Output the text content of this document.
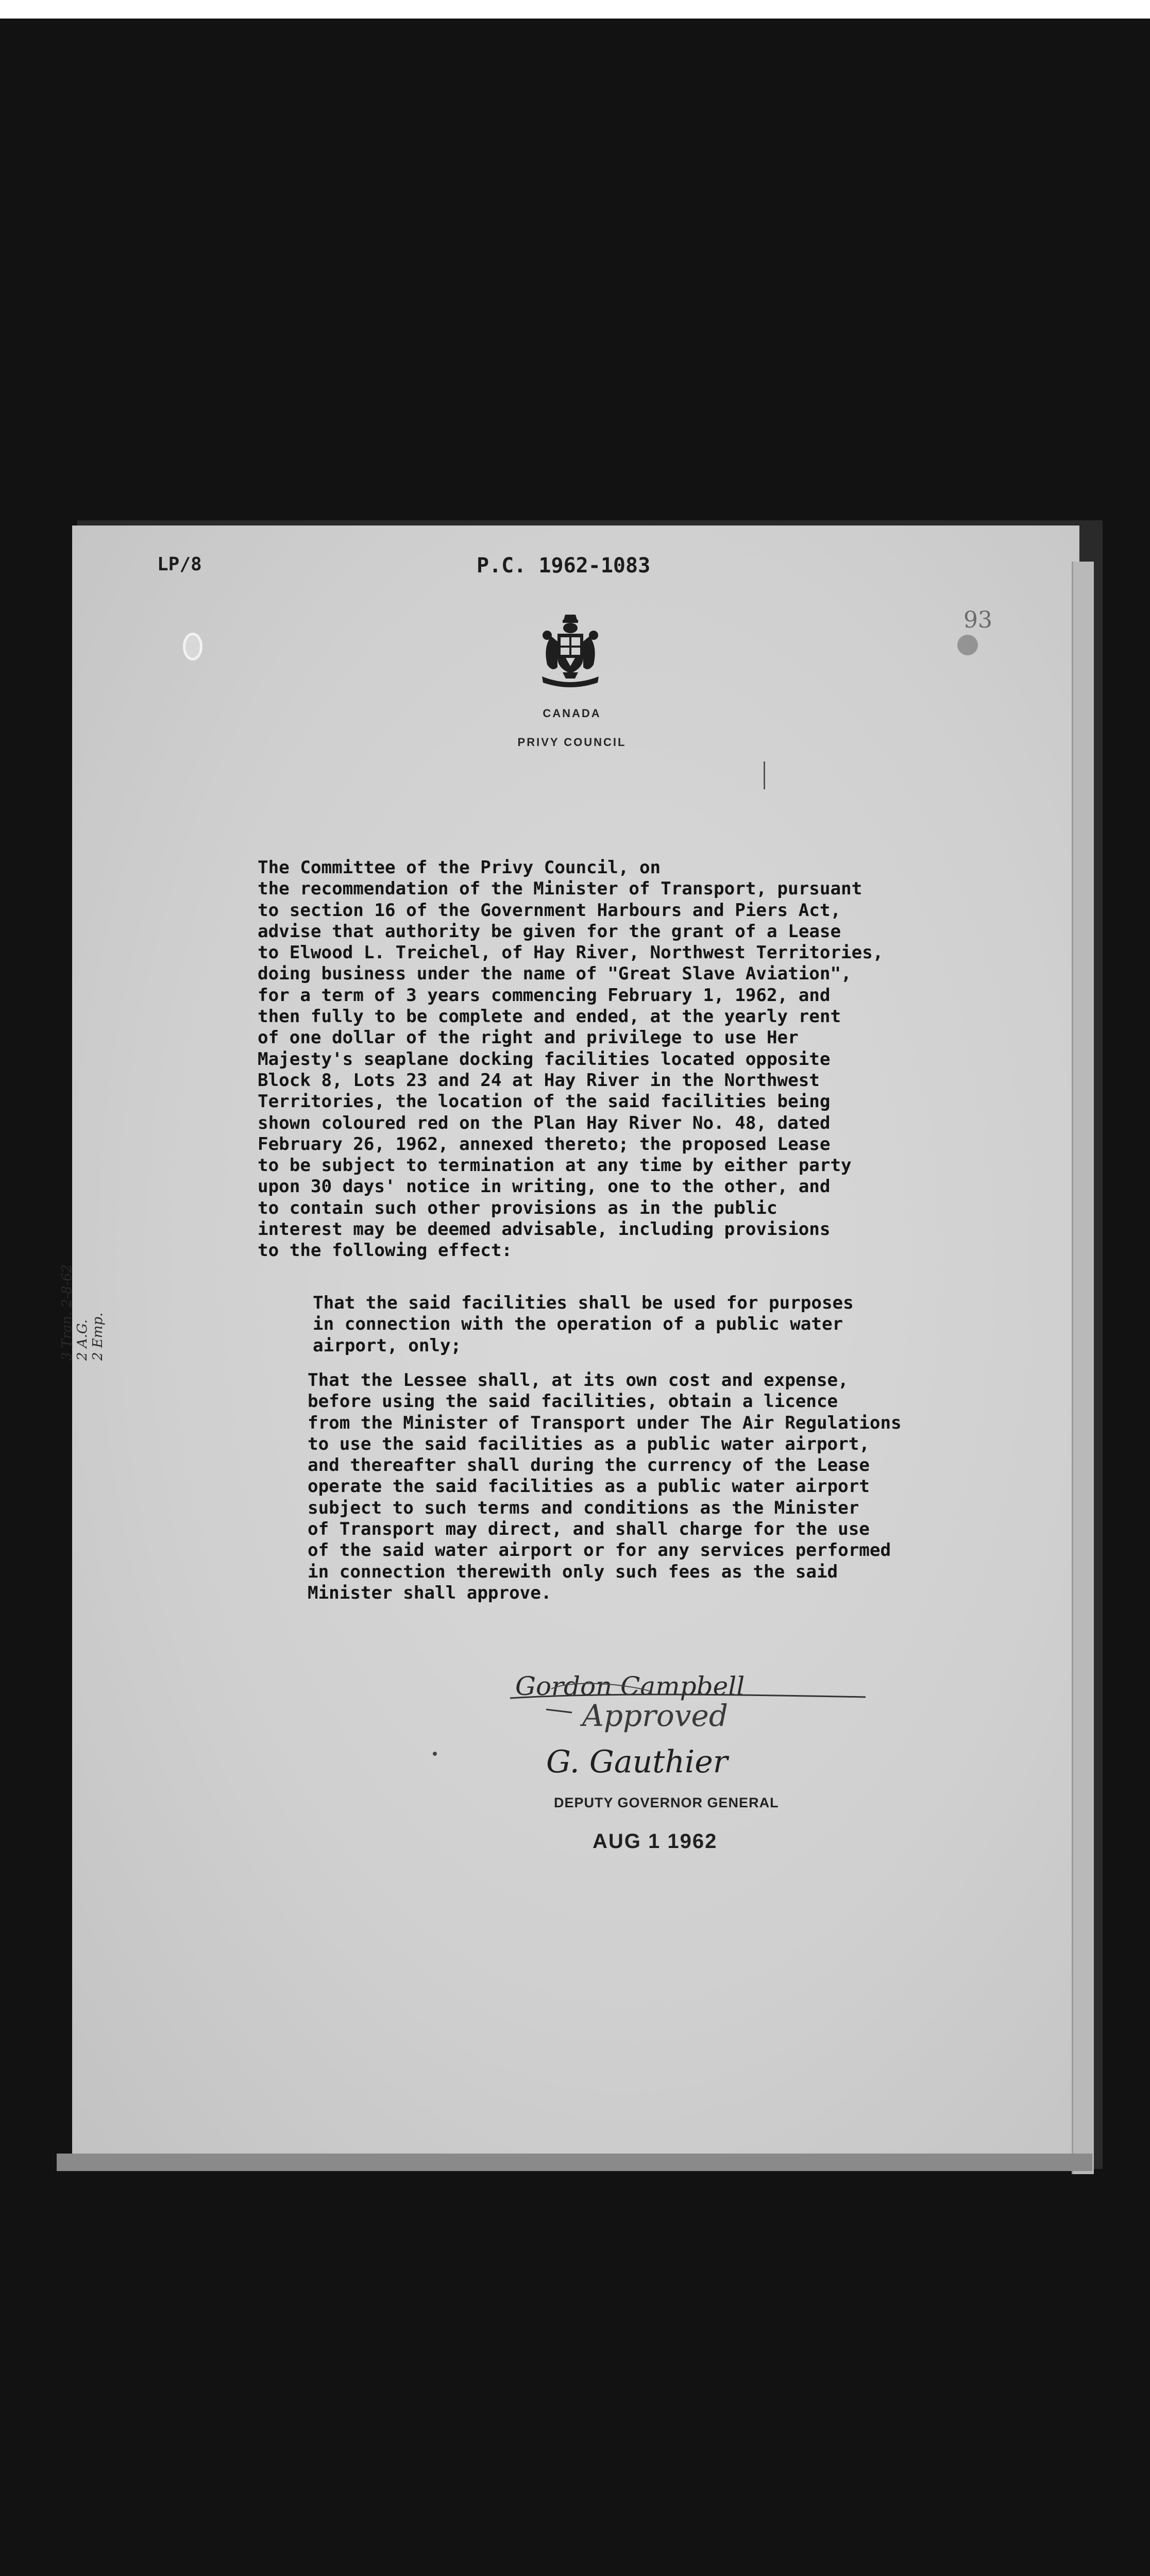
LP/8	P.C. 1962-1083
93
CANADA
PRIVY COUNCIL
The Committee of the Privy Council, on
the recommendation of the Minister of Transport, pursuant
to section 16 of the Government Harbours and Piers Act,
advise that authority be given for the grant of a Lease
to Elwood L. Treichel, of Hay River, Northwest Territories,
doing business under the name of "Great Slave Aviation",
for a term of 3 years commencing February 1, 1962, and
then fully to be complete and ended, at the yearly rent
of one dollar of the right and privilege to use Her
Majesty's seaplane docking facilities located opposite
Block 8, Lots 23 and 24 at Hay River in the Northwest
Territories, the location of the said facilities being
shown coloured red on the Plan Hay River No. 48, dated
February 26, 1962, annexed thereto; the proposed Lease
to be subject to termination at any time by either party
upon 30 days' notice in writing, one to the other, and
to contain such other provisions as in the public
interest may be deemed advisable, including provisions
to the following effect:
That the said facilities shall be used for purposes
in connection with the operation of a public water
airport, only;
That the Lessee shall, at its own cost and expense,
before using the said facilities, obtain a licence
from the Minister of Transport under The Air Regulations
to use the said facilities as a public water airport,
and thereafter shall during the currency of the Lease
operate the said facilities as a public water airport
subject to such terms and conditions as the Minister
of Transport may direct, and shall charge for the use
of the said water airport or for any services performed
in connection therewith only such fees as the said
Minister shall approve.
3 Tran. 2-8-62
2 A.G.
2 Emp.
Gordon Campbell
Approved
G. Gauthier
DEPUTY GOVERNOR GENERAL
AUG 1 1962
